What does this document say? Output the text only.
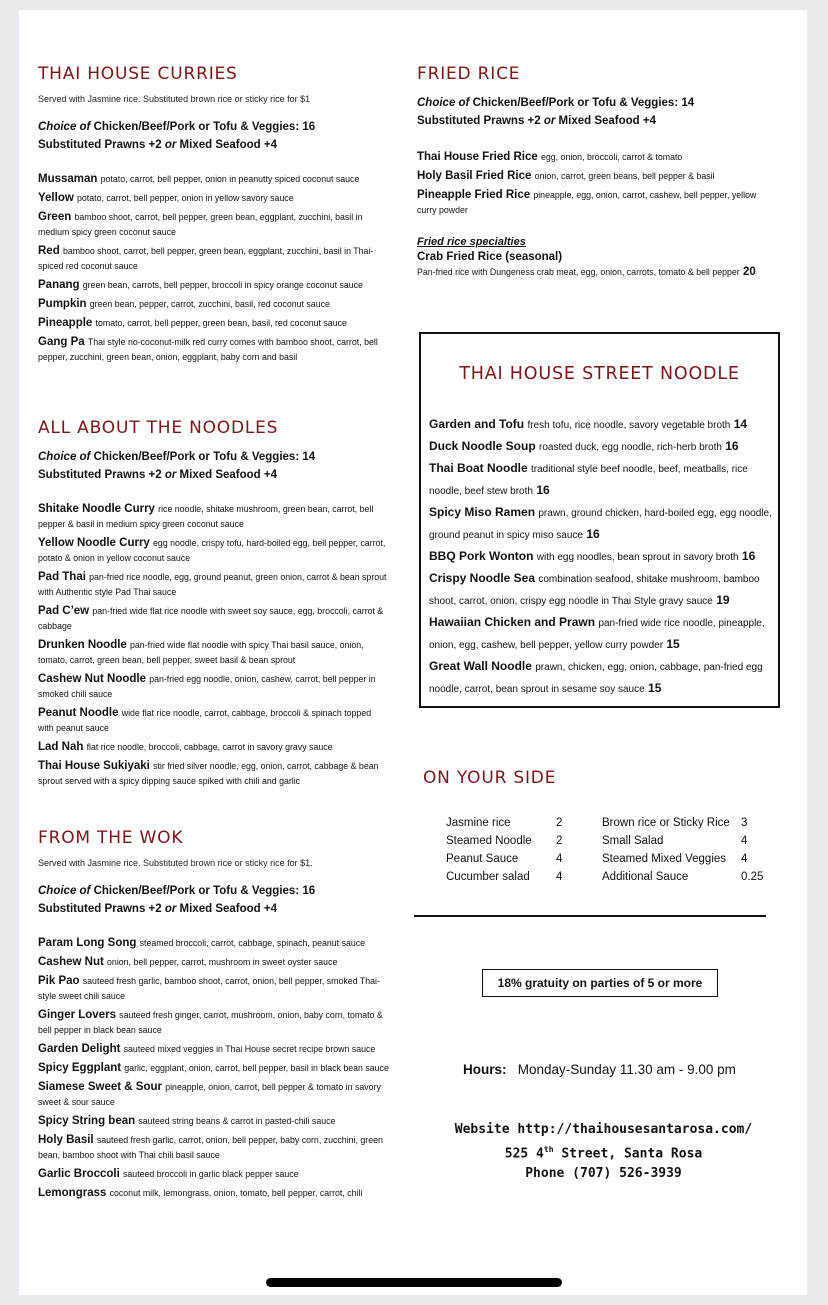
THAI HOUSE CURRIES
Served with Jasmine rice. Substituted brown rice or sticky rice for $1
Choice of Chicken/Beef/Pork or Tofu & Veggies: 16
Substituted Prawns +2 or Mixed Seafood +4
Mussaman potato, carrot, bell pepper, onion in peanutty spiced coconut sauce
Yellow potato, carrot, bell pepper, onion in yellow savory sauce
Green bamboo shoot, carrot, bell pepper, green bean, eggplant, zucchini, basil in medium spicy green coconut sauce
Red bamboo shoot, carrot, bell pepper, green bean, eggplant, zucchini, basil in Thai-spiced red coconut sauce
Panang green bean, carrots, bell pepper, broccoli in spicy orange coconut sauce
Pumpkin green bean, pepper, carrot, zucchini, basil, red coconut sauce
Pineapple tomato, carrot, bell pepper, green bean, basil, red coconut sauce
Gang Pa Thai style no-coconut-milk red curry comes with bamboo shoot, carrot, bell pepper, zucchini, green bean, onion, eggplant, baby corn and basil
ALL ABOUT THE NOODLES
Choice of Chicken/Beef/Pork or Tofu & Veggies: 14
Substituted Prawns +2 or Mixed Seafood +4
Shitake Noodle Curry rice noodle, shitake mushroom, green bean, carrot, bell pepper & basil in medium spicy green coconut sauce
Yellow Noodle Curry egg noodle, crispy tofu, hard-boiled egg, bell pepper, carrot, potato & onion in yellow coconut sauce
Pad Thai pan-fried rice noodle, egg, ground peanut, green onion, carrot & bean sprout with Authentic style Pad Thai sauce
Pad C’ew pan-fried wide flat rice noodle with sweet soy sauce, egg, broccoli, carrot & cabbage
Drunken Noodle pan-fried wide flat noodle with spicy Thai basil sauce, onion, tomato, carrot, green bean, bell pepper, sweet basil & bean sprout
Cashew Nut Noodle pan-fried egg noodle, onion, cashew, carrot, bell pepper in smoked chili sauce
Peanut Noodle wide flat rice noodle, carrot, cabbage, broccoli & spinach topped with peanut sauce
Lad Nah flat rice noodle, broccoli, cabbage, carrot in savory gravy sauce
Thai House Sukiyaki stir fried silver noodle, egg, onion, carrot, cabbage & bean sprout served with a spicy dipping sauce spiked with chili and garlic
FROM THE WOK
Served with Jasmine rice. Substituted brown rice or sticky rice for $1.
Choice of Chicken/Beef/Pork or Tofu & Veggies: 16
Substituted Prawns +2 or Mixed Seafood +4
Param Long Song steamed broccoli, carrot, cabbage, spinach, peanut sauce
Cashew Nut onion, bell pepper, carrot, mushroom in sweet oyster sauce
Pik Pao sauteed fresh garlic, bamboo shoot, carrot, onion, bell pepper, smoked Thai-style sweet chili sauce
Ginger Lovers sauteed fresh ginger, carrot, mushroom, onion, baby corn, tomato & bell pepper in black bean sauce
Garden Delight sauteed mixed veggies in Thai House secret recipe brown sauce
Spicy Eggplant garlic, eggplant, onion, carrot, bell pepper, basil in black bean sauce
Siamese Sweet & Sour pineapple, onion, carrot, bell pepper & tomato in savory sweet & sour sauce
Spicy String bean sauteed string beans & carrot in pasted-chili sauce
Holy Basil sauteed fresh garlic, carrot, onion, bell pepper, baby corn, zucchini, green bean, bamboo shoot with Thai chili basil sauce
Garlic Broccoli sauteed broccoli in garlic black pepper sauce
Lemongrass coconut milk, lemongrass, onion, tomato, bell pepper, carrot, chili
FRIED RICE
Choice of Chicken/Beef/Pork or Tofu & Veggies: 14
Substituted Prawns +2 or Mixed Seafood +4
Thai House Fried Rice egg, onion, broccoli, carrot & tomato
Holy Basil Fried Rice onion, carrot, green beans, bell pepper & basil
Pineapple Fried Rice pineapple, egg, onion, carrot, cashew, bell pepper, yellow curry powder
Fried rice specialties
Crab Fried Rice (seasonal)
Pan-fried rice with Dungeness crab meat, egg, onion, carrots, tomato & bell pepper 20
THAI HOUSE STREET NOODLE
Garden and Tofu fresh tofu, rice noodle, savory vegetable broth 14
Duck Noodle Soup roasted duck, egg noodle, rich-herb broth 16
Thai Boat Noodle traditional style beef noodle, beef, meatballs, rice noodle, beef stew broth 16
Spicy Miso Ramen prawn, ground chicken, hard-boiled egg, egg noodle, ground peanut in spicy miso sauce 16
BBQ Pork Wonton with egg noodles, bean sprout in savory broth 16
Crispy Noodle Sea combination seafood, shitake mushroom, bamboo shoot, carrot, onion, crispy egg noodle in Thai Style gravy sauce 19
Hawaiian Chicken and Prawn pan-fried wide rice noodle, pineapple, onion, egg, cashew, bell pepper, yellow curry powder 15
Great Wall Noodle prawn, chicken, egg, onion, cabbage, pan-fried egg noodle, carrot, bean sprout in sesame soy sauce 15
ON YOUR SIDE
Jasmine rice	2	Brown rice or Sticky Rice 3
Steamed Noodle 2	Small Salad	4
Peanut Sauce	4	Steamed Mixed Veggies 4
Cucumber salad 4	Additional Sauce	0.25
18% gratuity on parties of 5 or more
Hours: Monday-Sunday 11.30 am - 9.00 pm
Website http://thaihousesantarosa.com/
525 4th Street, Santa Rosa
Phone (707) 526-3939
